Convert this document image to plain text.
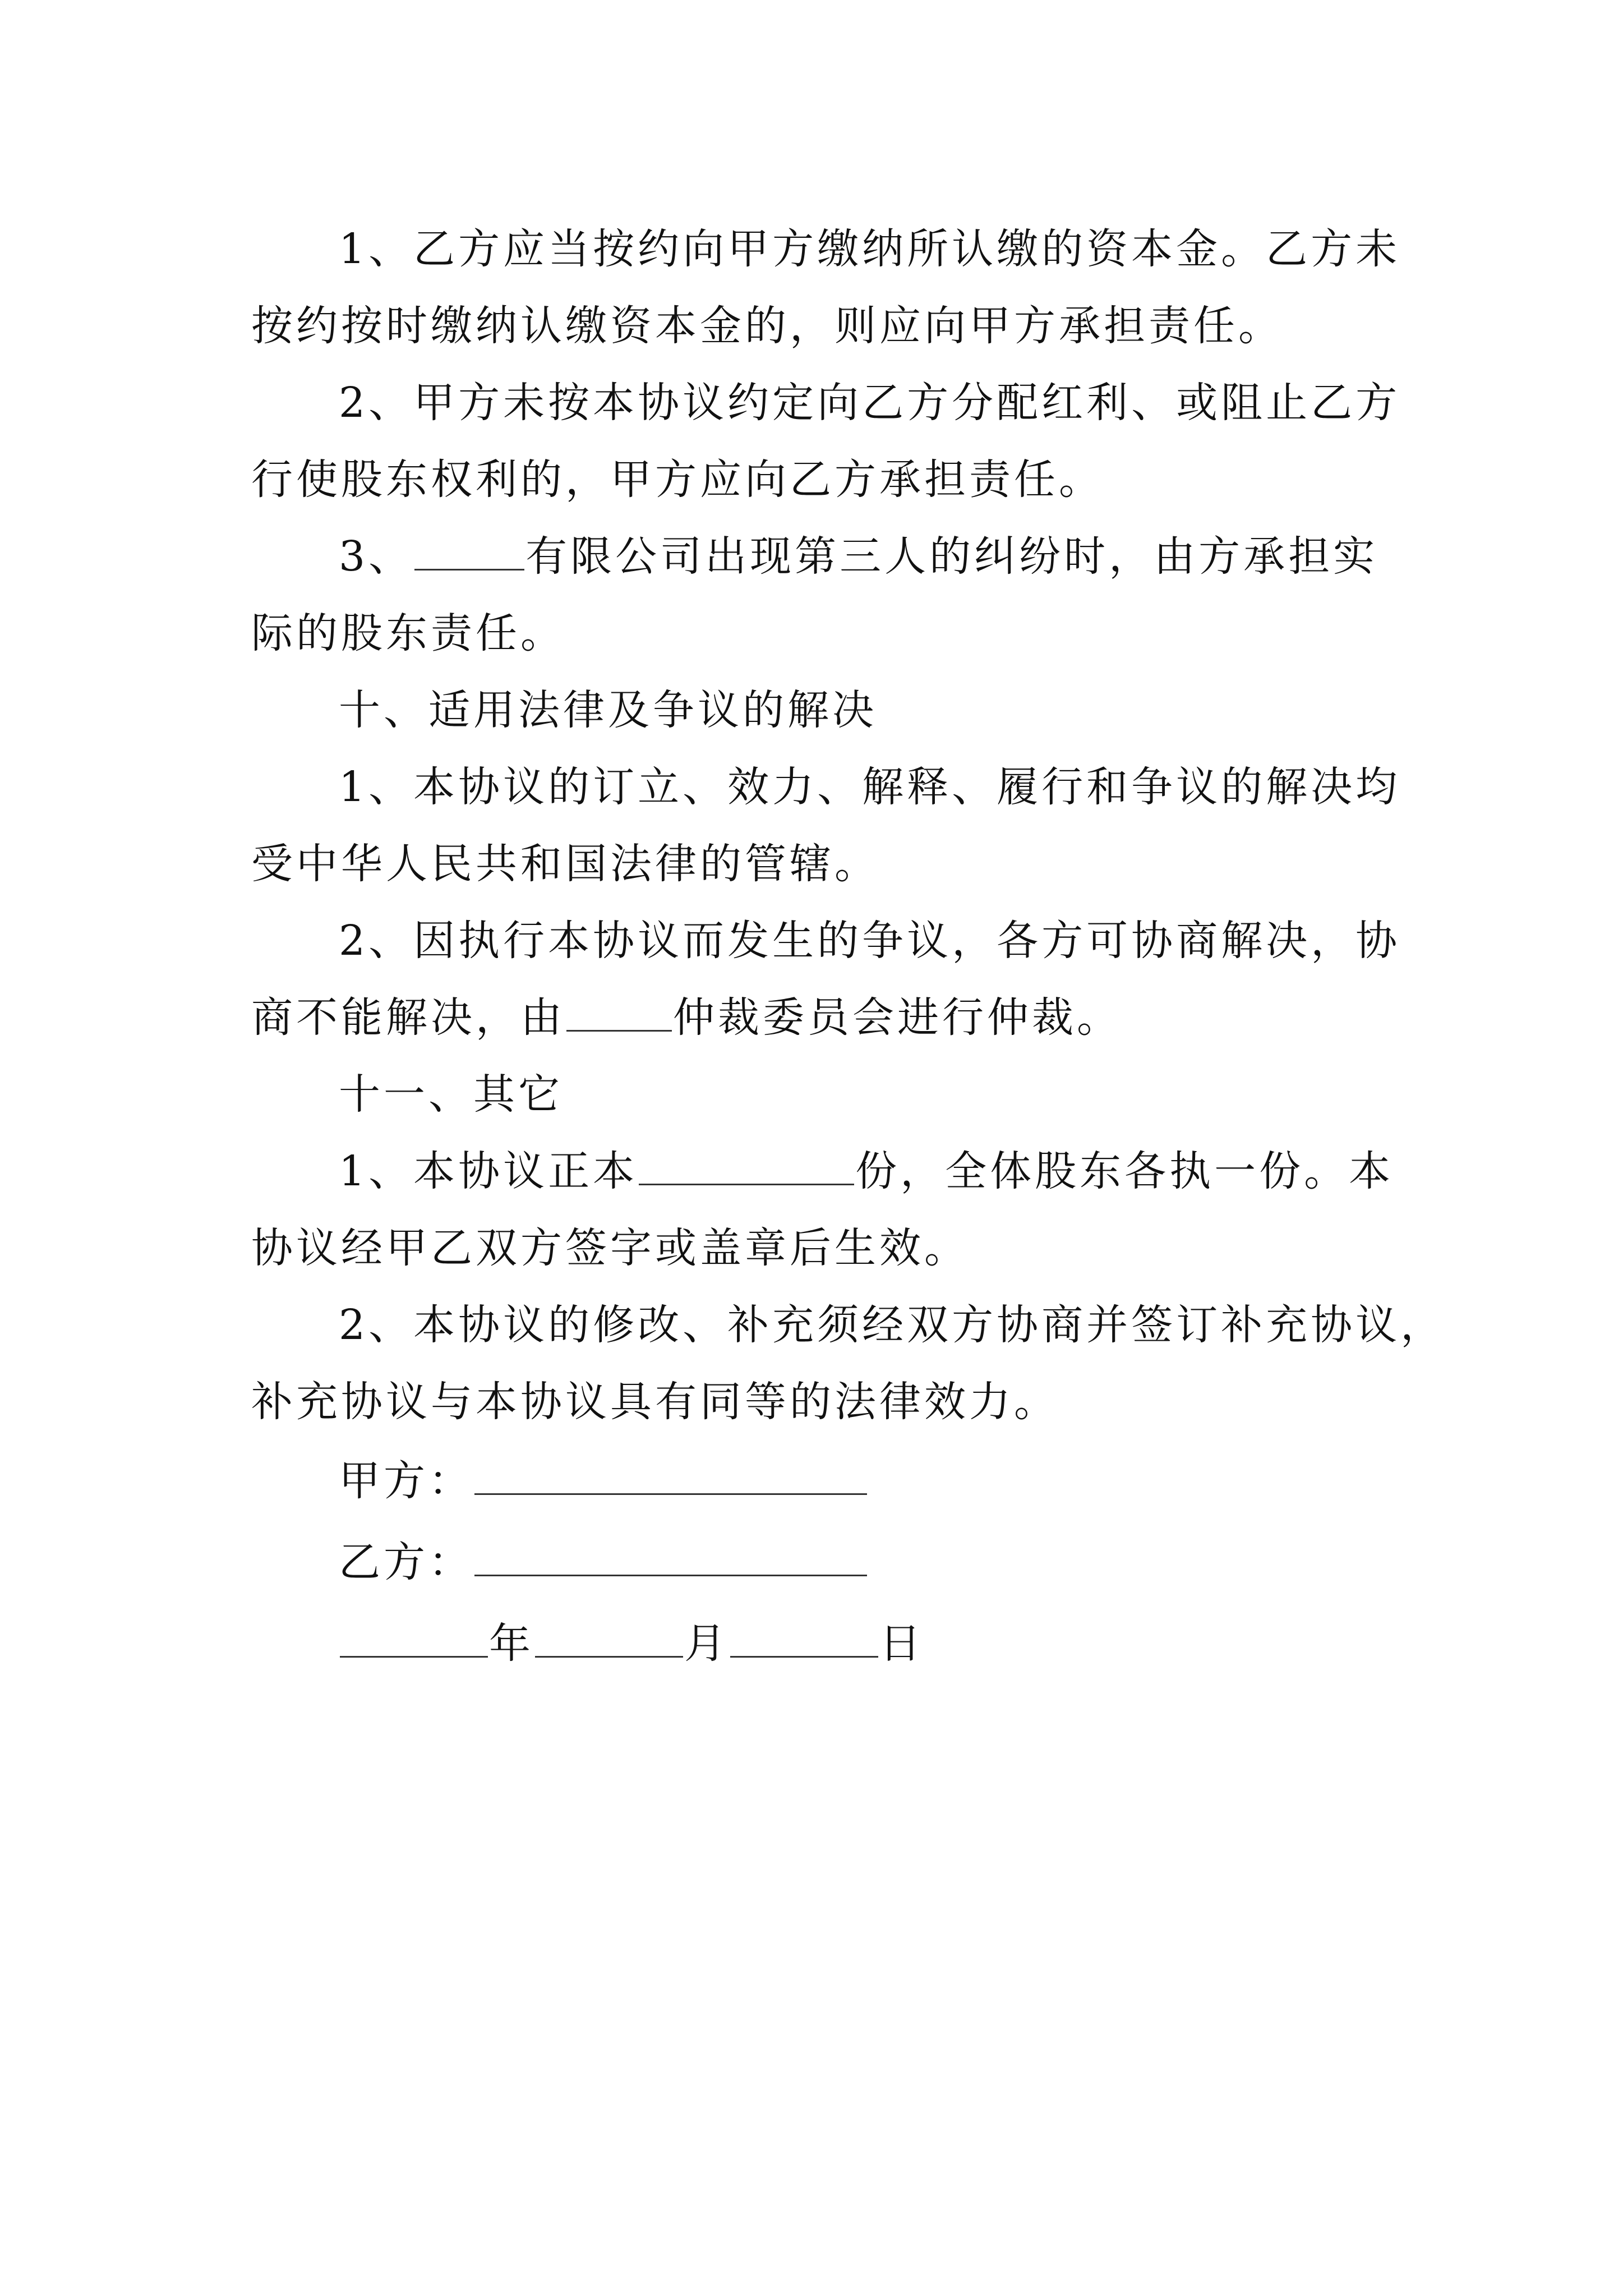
1、乙方应当按约向甲方缴纳所认缴的资本金。乙方未
按约按时缴纳认缴资本金的，则应向甲方承担责任。
2、甲方未按本协议约定向乙方分配红利、或阻止乙方
行使股东权利的，甲方应向乙方承担责任。
3、	有限公司出现第三人的纠纷时，由方承担实
际的股东责任。
十、适用法律及争议的解决
1、本协议的订立、效力、解释、履行和争议的解决均
受中华人民共和国法律的管辖。
2、因执行本协议而发生的争议，各方可协商解决，协
商不能解决，由	仲裁委员会进行仲裁。
十一、其它
1、本协议正本	份，全体股东各执一份。本
协议经甲乙双方签字或盖章后生效。
2、本协议的修改、补充须经双方协商并签订补充协议，
补充协议与本协议具有同等的法律效力。
甲方：
乙方：
年	月	日
